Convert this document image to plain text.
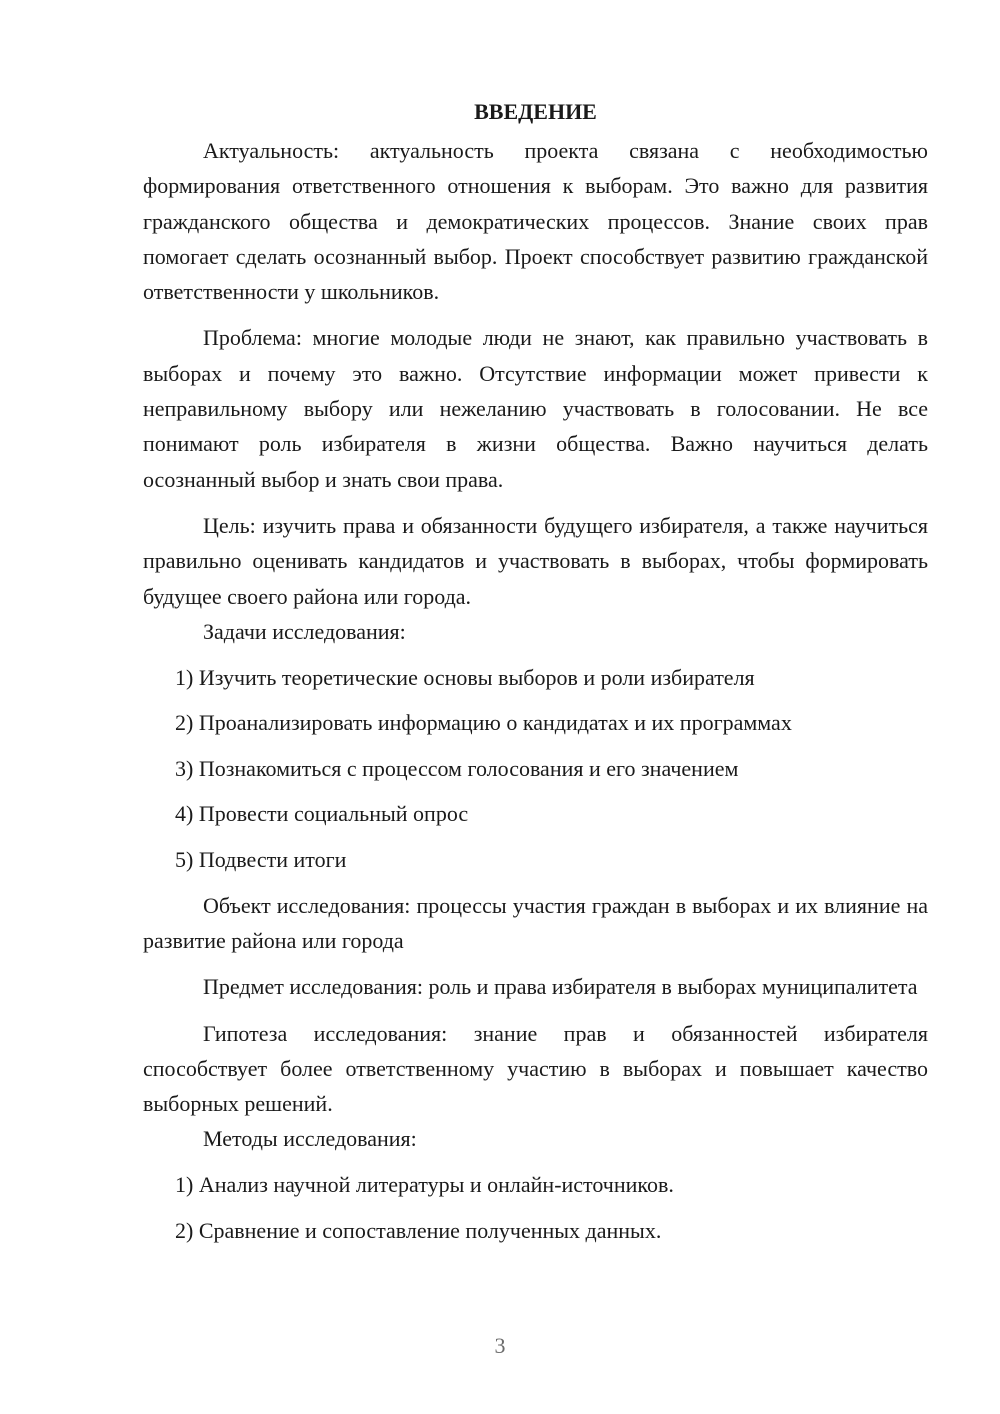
ВВЕДЕНИЕ

Актуальность: актуальность проекта связана с необходимостью формирования ответственного отношения к выборам. Это важно для развития гражданского общества и демократических процессов. Знание своих прав помогает сделать осознанный выбор. Проект способствует развитию гражданской ответственности у школьников.

Проблема: многие молодые люди не знают, как правильно участвовать в выборах и почему это важно. Отсутствие информации может привести к неправильному выбору или нежеланию участвовать в голосовании. Не все понимают роль избирателя в жизни общества. Важно научиться делать осознанный выбор и знать свои права.

Цель: изучить права и обязанности будущего избирателя, а также научиться правильно оценивать кандидатов и участвовать в выборах, чтобы формировать будущее своего района или города.

Задачи исследования:

1) Изучить теоретические основы выборов и роли избирателя

2) Проанализировать информацию о кандидатах и их программах

3) Познакомиться с процессом голосования и его значением

4) Провести социальный опрос

5) Подвести итоги

Объект исследования: процессы участия граждан в выборах и их влияние на развитие района или города

Предмет исследования: роль и права избирателя в выборах муниципалитета

Гипотеза исследования: знание прав и обязанностей избирателя способствует более ответственному участию в выборах и повышает качество выборных решений.

Методы исследования:

1) Анализ научной литературы и онлайн-источников.

2) Сравнение и сопоставление полученных данных.

3
